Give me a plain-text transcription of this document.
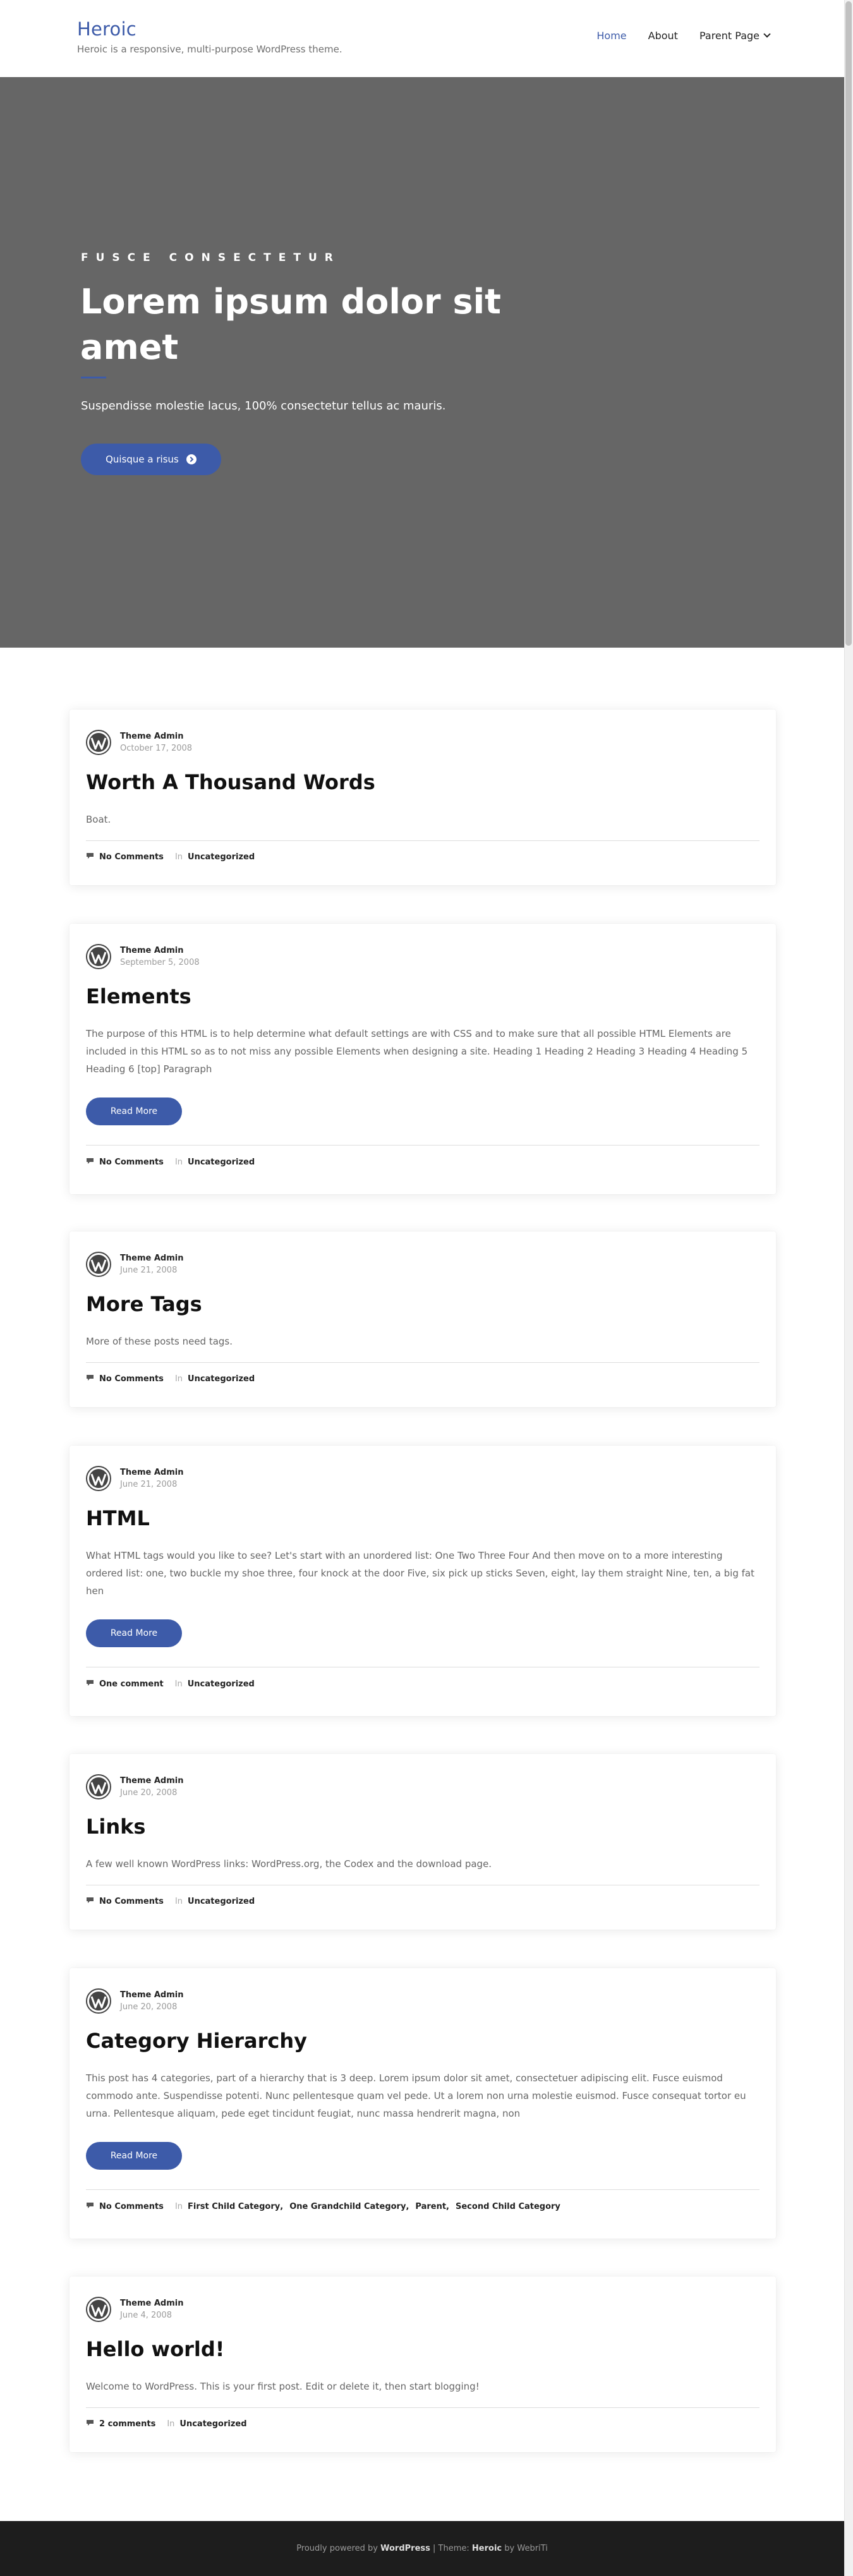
Heroic
Heroic is a responsive, multi-purpose WordPress theme.
Home About Parent Page
FUSCE CONSECTETUR
Lorem ipsum dolor sit amet

Suspendisse molestie lacus, 100% consectetur tellus ac mauris.

Quisque a risus
Theme Admin
October 17, 2008
Worth A Thousand Words

Boat.

No Comments In Uncategorized
Theme Admin
September 5, 2008
Elements

The purpose of this HTML is to help determine what default settings are with CSS and to make sure that all possible HTML Elements are included in this HTML so as to not miss any possible Elements when designing a site. Heading 1 Heading 2 Heading 3 Heading 4 Heading 5 Heading 6 [top] Paragraph

Read More
No Comments In Uncategorized
Theme Admin
June 21, 2008
More Tags

More of these posts need tags.

No Comments In Uncategorized
Theme Admin
June 21, 2008
HTML

What HTML tags would you like to see? Let's start with an unordered list: One Two Three Four And then move on to a more interesting ordered list: one, two buckle my shoe three, four knock at the door Five, six pick up sticks Seven, eight, lay them straight Nine, ten, a big fat hen

Read More
One comment In Uncategorized
Theme Admin
June 20, 2008
Links

A few well known WordPress links: WordPress.org, the Codex and the download page.

No Comments In Uncategorized
Theme Admin
June 20, 2008
Category Hierarchy

This post has 4 categories, part of a hierarchy that is 3 deep. Lorem ipsum dolor sit amet, consectetuer adipiscing elit. Fusce euismod commodo ante. Suspendisse potenti. Nunc pellentesque quam vel pede. Ut a lorem non urna molestie euismod. Fusce consequat tortor eu urna. Pellentesque aliquam, pede eget tincidunt feugiat, nunc massa hendrerit magna, non

Read More
No Comments In First Child Category , One Grandchild Category , Parent , Second Child Category
Theme Admin
June 4, 2008
Hello world!

Welcome to WordPress. This is your first post. Edit or delete it, then start blogging!

2 comments In Uncategorized
Proudly powered by
WordPress
|
Theme:
Heroic
by
WebriTi
